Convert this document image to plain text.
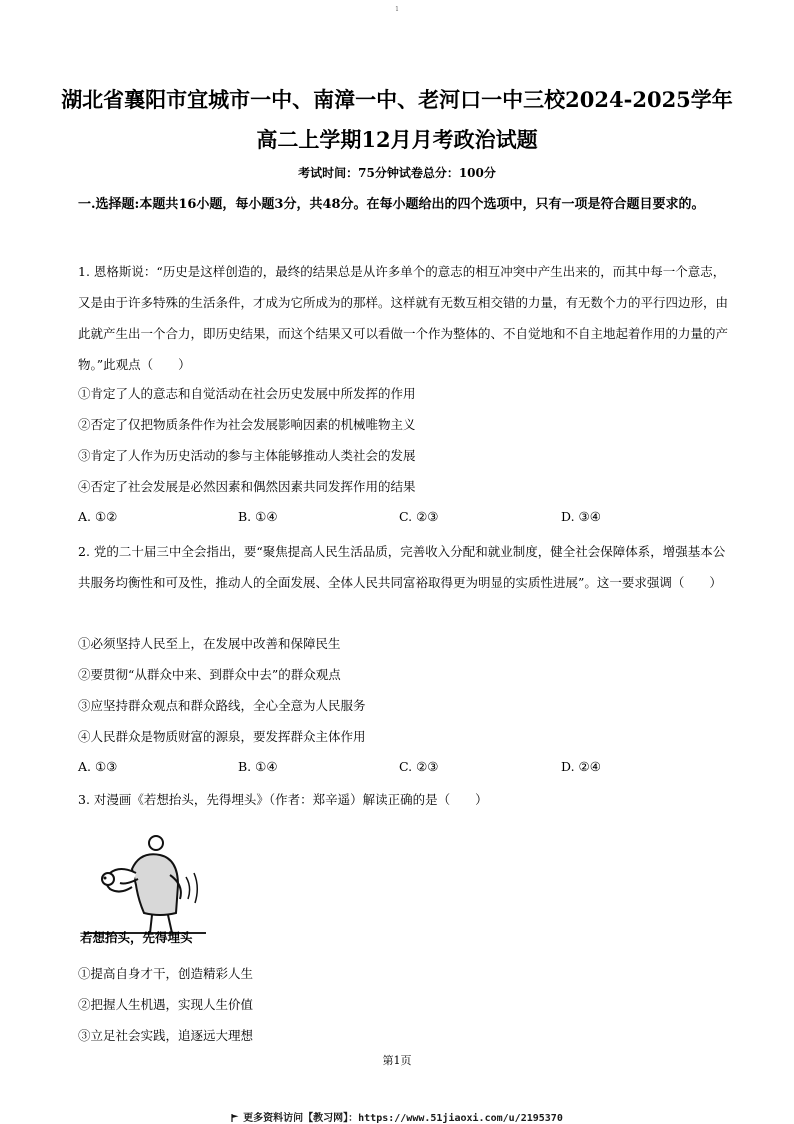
1
湖北省襄阳市宜城市一中、南漳一中、老河口一中三校2024-2025学年高二上学期12月月考政治试题
考试时间：75分钟试卷总分：100分
一.选择题:本题共16小题，每小题3分，共48分。在每小题给出的四个选项中，只有一项是符合题目要求的。
1. 恩格斯说：“历史是这样创造的，最终的结果总是从许多单个的意志的相互冲突中产生出来的，而其中每一个意志，又是由于许多特殊的生活条件，才成为它所成为的那样。这样就有无数互相交错的力量，有无数个力的平行四边形，由此就产生出一个合力，即历史结果，而这个结果又可以看做一个作为整体的、不自觉地和不自主地起着作用的力量的产物。”此观点（　　）
①肯定了人的意志和自觉活动在社会历史发展中所发挥的作用
②否定了仅把物质条件作为社会发展影响因素的机械唯物主义
③肯定了人作为历史活动的参与主体能够推动人类社会的发展
④否定了社会发展是必然因素和偶然因素共同发挥作用的结果
A. ①②	B. ①④	C. ②③	D. ③④
2. 党的二十届三中全会指出，要“聚焦提高人民生活品质，完善收入分配和就业制度，健全社会保障体系，增强基本公共服务均衡性和可及性，推动人的全面发展、全体人民共同富裕取得更为明显的实质性进展”。这一要求强调（　　）
①必须坚持人民至上，在发展中改善和保障民生
②要贯彻“从群众中来、到群众中去”的群众观点
③应坚持群众观点和群众路线，全心全意为人民服务
④人民群众是物质财富的源泉，要发挥群众主体作用
A. ①③	B. ①④	C. ②③	D. ②④
3. 对漫画《若想抬头，先得埋头》（作者：郑辛遥）解读正确的是（　　）
若想抬头，先得埋头
①提高自身才干，创造精彩人生
②把握人生机遇，实现人生价值
③立足社会实践，追逐远大理想
第1页
更多资料访问【教习网】：https://www.51jiaoxi.com/u/2195370
